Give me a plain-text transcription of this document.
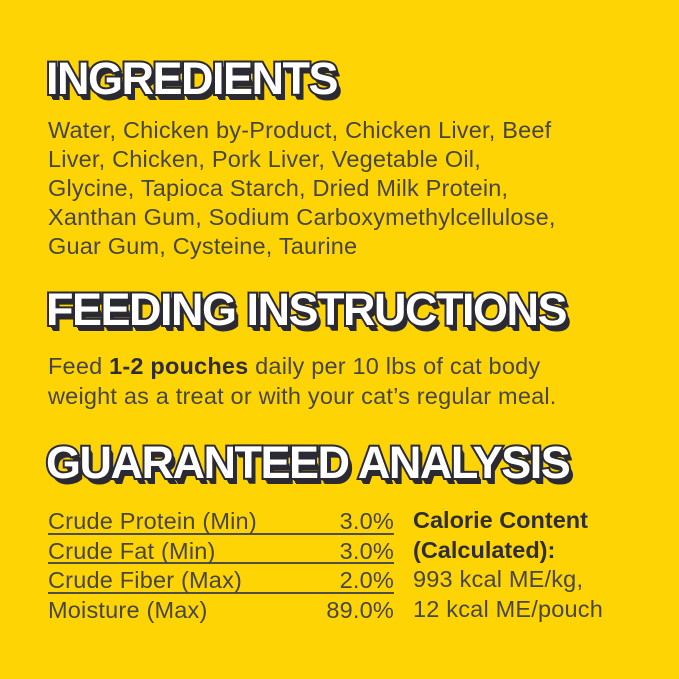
INGREDIENTS
Water, Chicken by-Product, Chicken Liver, Beef
Liver, Chicken, Pork Liver, Vegetable Oil,
Glycine, Tapioca Starch, Dried Milk Protein,
Xanthan Gum, Sodium Carboxymethylcellulose,
Guar Gum, Cysteine, Taurine
FEEDING INSTRUCTIONS
Feed 1-2 pouches daily per 10 lbs of cat body
weight as a treat or with your cat’s regular meal.
GUARANTEED ANALYSIS
Crude Protein (Min)	3.0%
Crude Fat (Min)	3.0%
Crude Fiber (Max)	2.0%
Moisture (Max)	89.0%
Calorie Content
(Calculated):
993 kcal ME/kg,
12 kcal ME/pouch
